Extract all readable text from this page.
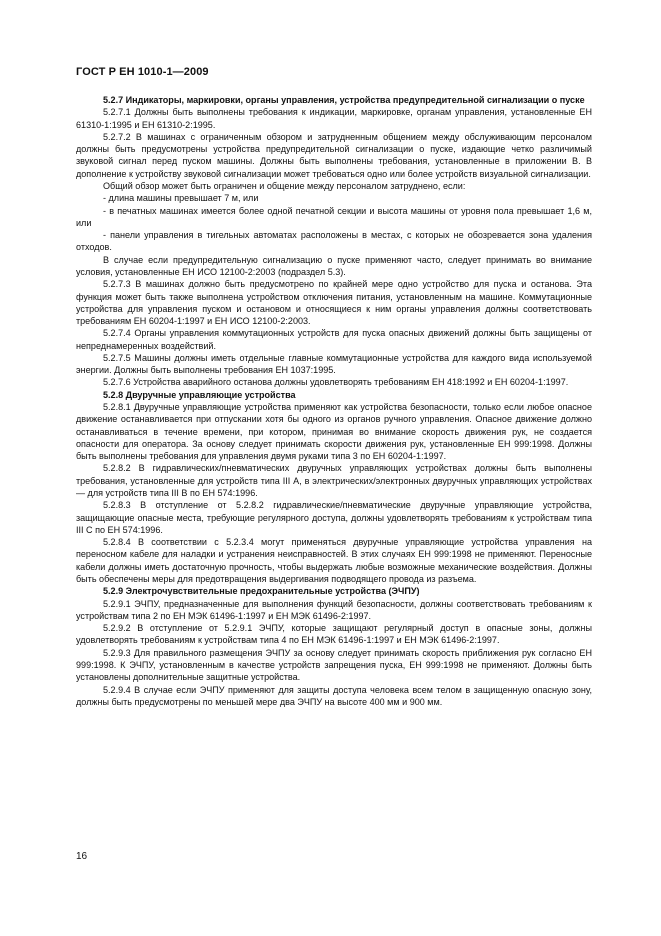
ГОСТ Р ЕН 1010-1—2009

5.2.7 Индикаторы, маркировки, органы управления, устройства предупредительной сигнализации о пуске

5.2.7.1 Должны быть выполнены требования к индикации, маркировке, органам управления, установленные ЕН 61310-1:1995 и ЕН 61310-2:1995.

5.2.7.2 В машинах с ограниченным обзором и затрудненным общением между обслуживающим персоналом должны быть предусмотрены устройства предупредительной сигнализации о пуске, издающие четко различимый звуковой сигнал перед пуском машины. Должны быть выполнены требования, установленные в приложении В. В дополнение к устройству звуковой сигнализации может требоваться одно или более устройств визуальной сигнализации.

Общий обзор может быть ограничен и общение между персоналом затруднено, если:

- длина машины превышает 7 м, или

- в печатных машинах имеется более одной печатной секции и высота машины от уровня пола превышает 1,6 м, или

- панели управления в тигельных автоматах расположены в местах, с которых не обозревается зона удаления отходов.

В случае если предупредительную сигнализацию о пуске применяют часто, следует принимать во внимание условия, установленные ЕН ИСО 12100-2:2003 (подраздел 5.3).

5.2.7.3 В машинах должно быть предусмотрено по крайней мере одно устройство для пуска и останова. Эта функция может быть также выполнена устройством отключения питания, установленным на машине. Коммутационные устройства для управления пуском и остановом и относящиеся к ним органы управления должны соответствовать требованиям ЕН 60204-1:1997 и ЕН ИСО 12100-2:2003.

5.2.7.4 Органы управления коммутационных устройств для пуска опасных движений должны быть защищены от непреднамеренных воздействий.

5.2.7.5 Машины должны иметь отдельные главные коммутационные устройства для каждого вида используемой энергии. Должны быть выполнены требования ЕН 1037:1995.

5.2.7.6 Устройства аварийного останова должны удовлетворять требованиям ЕН 418:1992 и ЕН 60204-1:1997.

5.2.8 Двуручные управляющие устройства

5.2.8.1 Двуручные управляющие устройства применяют как устройства безопасности, только если любое опасное движение останавливается при отпускании хотя бы одного из органов ручного управления. Опасное движение должно останавливаться в течение времени, при котором, принимая во внимание скорость движения рук, не создается опасности для оператора. За основу следует принимать скорости движения рук, установленные ЕН 999:1998. Должны быть выполнены требования для управления двумя руками типа 3 по ЕН 60204-1:1997.

5.2.8.2 В гидравлических/пневматических двуручных управляющих устройствах должны быть выполнены требования, установленные для устройств типа III А, в электрических/электронных двуручных управляющих устройствах — для устройств типа III В по ЕН 574:1996.

5.2.8.3 В отступление от 5.2.8.2 гидравлические/пневматические двуручные управляющие устройства, защищающие опасные места, требующие регулярного доступа, должны удовлетворять требованиям к устройствам типа III С по ЕН 574:1996.

5.2.8.4 В соответствии с 5.2.3.4 могут применяться двуручные управляющие устройства управления на переносном кабеле для наладки и устранения неисправностей. В этих случаях ЕН 999:1998 не применяют. Переносные кабели должны иметь достаточную прочность, чтобы выдержать любые возможные механические воздействия. Должны быть обеспечены меры для предотвращения выдергивания подводящего провода из разъема.

5.2.9 Электрочувствительные предохранительные устройства (ЭЧПУ)

5.2.9.1 ЭЧПУ, предназначенные для выполнения функций безопасности, должны соответствовать требованиям к устройствам типа 2 по ЕН МЭК 61496-1:1997 и ЕН МЭК 61496-2:1997.

5.2.9.2 В отступление от 5.2.9.1 ЭЧПУ, которые защищают регулярный доступ в опасные зоны, должны удовлетворять требованиям к устройствам типа 4 по ЕН МЭК 61496-1:1997 и ЕН МЭК 61496-2:1997.

5.2.9.3 Для правильного размещения ЭЧПУ за основу следует принимать скорость приближения рук согласно ЕН 999:1998. К ЭЧПУ, установленным в качестве устройств запрещения пуска, ЕН 999:1998 не применяют. Должны быть установлены дополнительные защитные устройства.

5.2.9.4 В случае если ЭЧПУ применяют для защиты доступа человека всем телом в защищенную опасную зону, должны быть предусмотрены по меньшей мере два ЭЧПУ на высоте 400 мм и 900 мм.

16
